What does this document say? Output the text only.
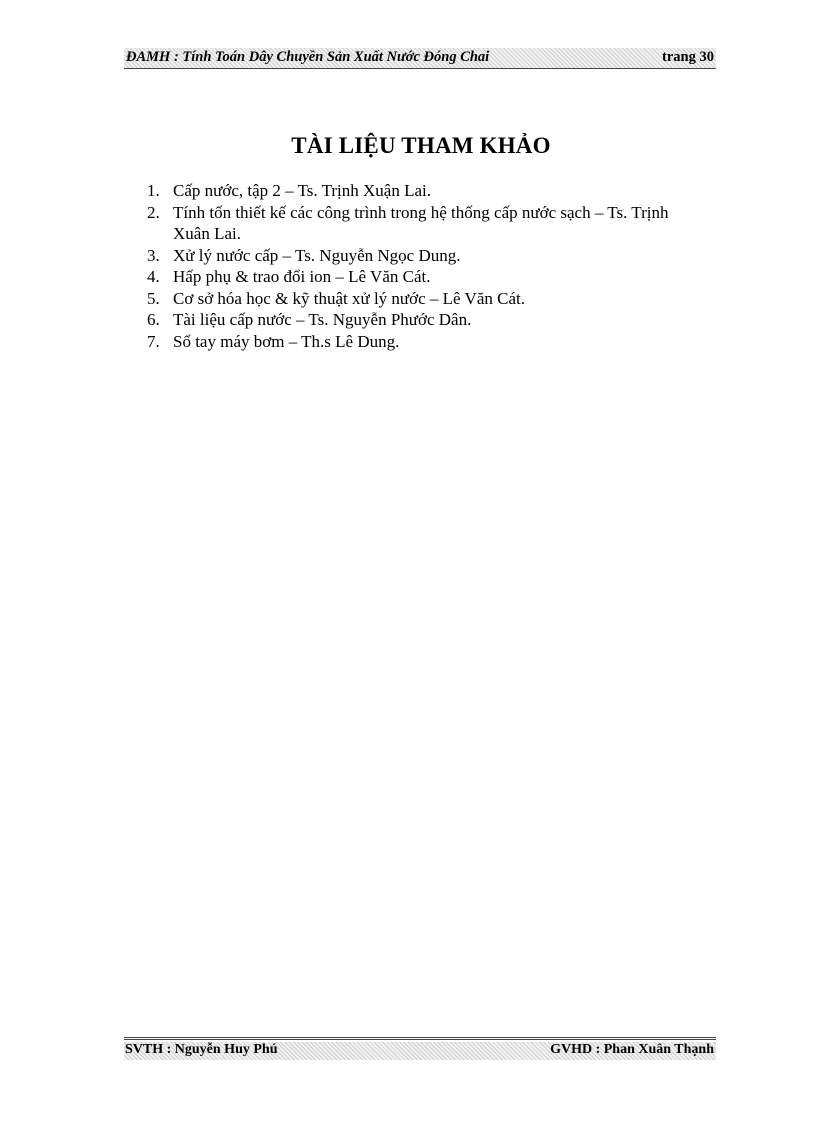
ĐAMH : Tính Toán Dây Chuyền Sản Xuất Nước Đóng Chai	trang 30
TÀI LIỆU THAM KHẢO
1. Cấp nước, tập 2 – Ts. Trịnh Xuận Lai.
2. Tính tốn thiết kế các công trình trong hệ thống cấp nước sạch – Ts. Trịnh Xuân Lai.
3. Xử lý nước cấp – Ts. Nguyễn Ngọc Dung.
4. Hấp phụ & trao đổi ion – Lê Văn Cát.
5. Cơ sở hóa học & kỹ thuật xử lý nước – Lê Văn Cát.
6. Tài liệu cấp nước – Ts. Nguyễn Phước Dân.
7. Sổ tay máy bơm – Th.s Lê Dung.
SVTH : Nguyễn Huy Phú	GVHD : Phan Xuân Thạnh
